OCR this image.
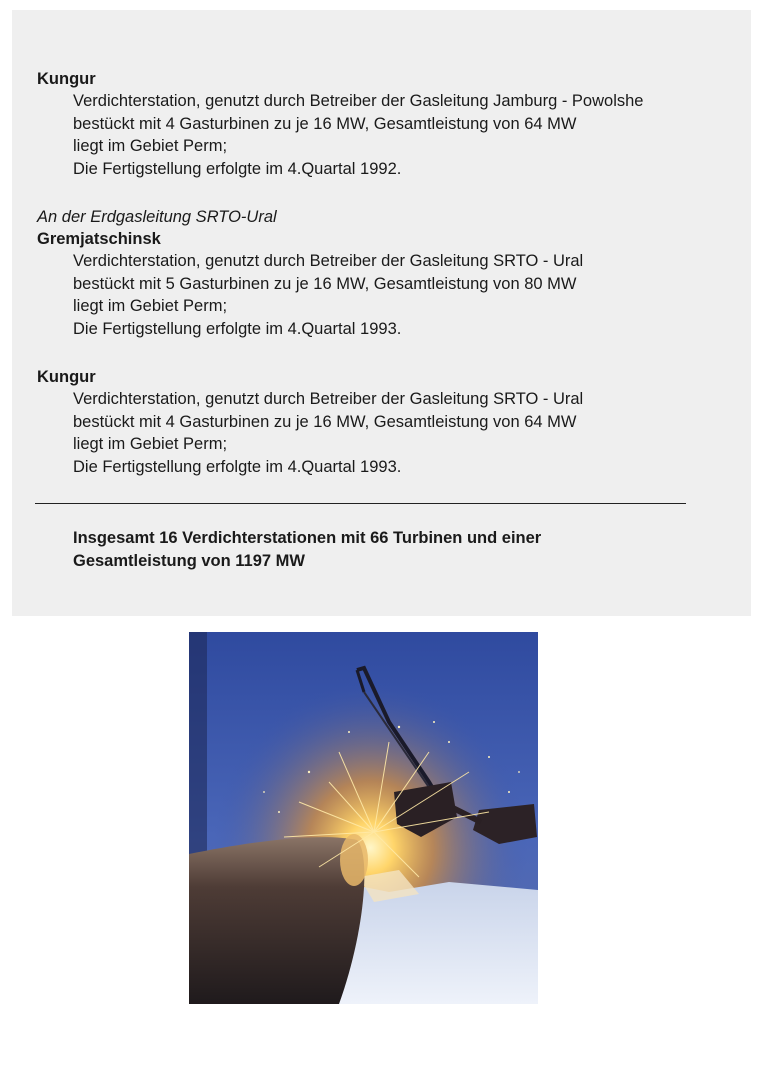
Kungur
Verdichterstation, genutzt durch Betreiber der Gasleitung Jamburg - Powolshe
bestückt mit 4 Gasturbinen zu je 16 MW, Gesamtleistung von 64 MW
liegt im Gebiet Perm;
Die Fertigstellung erfolgte im 4.Quartal 1992.
An der Erdgasleitung SRTO-Ural
Gremjatschinsk
Verdichterstation, genutzt durch Betreiber der Gasleitung SRTO - Ural
bestückt mit 5 Gasturbinen zu je 16 MW, Gesamtleistung von 80 MW
liegt im Gebiet Perm;
Die Fertigstellung erfolgte im 4.Quartal 1993.
Kungur
Verdichterstation, genutzt durch Betreiber der Gasleitung SRTO - Ural
bestückt mit 4 Gasturbinen zu je 16 MW, Gesamtleistung von 64 MW
liegt im Gebiet Perm;
Die Fertigstellung erfolgte im 4.Quartal 1993.
Insgesamt 16 Verdichterstationen mit 66 Turbinen und einer
Gesamtleistung von 1197 MW
